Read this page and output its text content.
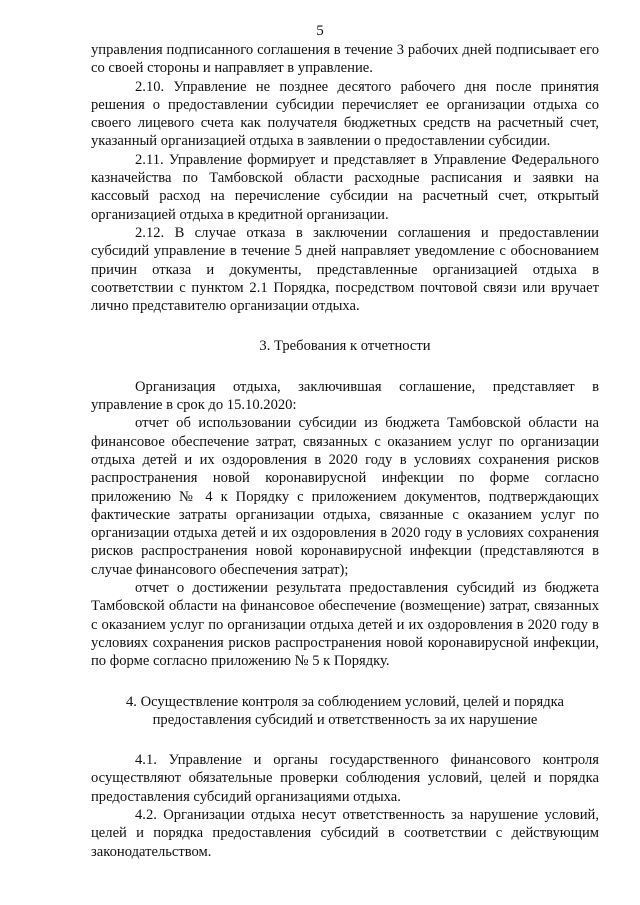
5

управления подписанного соглашения в течение 3 рабочих дней подписывает его со своей стороны и направляет в управление.

2.10. Управление не позднее десятого рабочего дня после принятия решения о предоставлении субсидии перечисляет ее организации отдыха со своего лицевого счета как получателя бюджетных средств на расчетный счет, указанный организацией отдыха в заявлении о предоставлении субсидии.

2.11. Управление формирует и представляет в Управление Федерального казначейства по Тамбовской области расходные расписания и заявки на кассовый расход на перечисление субсидии на расчетный счет, открытый организацией отдыха в кредитной организации.

2.12. В случае отказа в заключении соглашения и предоставлении субсидий управление в течение 5 дней направляет уведомление с обоснованием причин отказа и документы, представленные организацией отдыха в соответствии с пунктом 2.1 Порядка, посредством почтовой связи или вручает лично представителю организации отдыха.

3. Требования к отчетности

Организация отдыха, заключившая соглашение, представляет в управление в срок до 15.10.2020:

отчет об использовании субсидии из бюджета Тамбовской области на финансовое обеспечение затрат, связанных с оказанием услуг по организации отдыха детей и их оздоровления в 2020 году в условиях сохранения рисков распространения новой коронавирусной инфекции по форме согласно приложению № 4 к Порядку с приложением документов, подтверждающих фактические затраты организации отдыха, связанные с оказанием услуг по организации отдыха детей и их оздоровления в 2020 году в условиях сохранения рисков распространения новой коронавирусной инфекции (представляются в случае финансового обеспечения затрат);

отчет о достижении результата предоставления субсидий из бюджета Тамбовской области на финансовое обеспечение (возмещение) затрат, связанных с оказанием услуг по организации отдыха детей и их оздоровления в 2020 году в условиях сохранения рисков распространения новой коронавирусной инфекции, по форме согласно приложению № 5 к Порядку.

4. Осуществление контроля за соблюдением условий, целей и порядка
предоставления субсидий и ответственность за их нарушение

4.1. Управление и органы государственного финансового контроля осуществляют обязательные проверки соблюдения условий, целей и порядка предоставления субсидий организациями отдыха.

4.2. Организации отдыха несут ответственность за нарушение условий, целей и порядка предоставления субсидий в соответствии с действующим законодательством.
